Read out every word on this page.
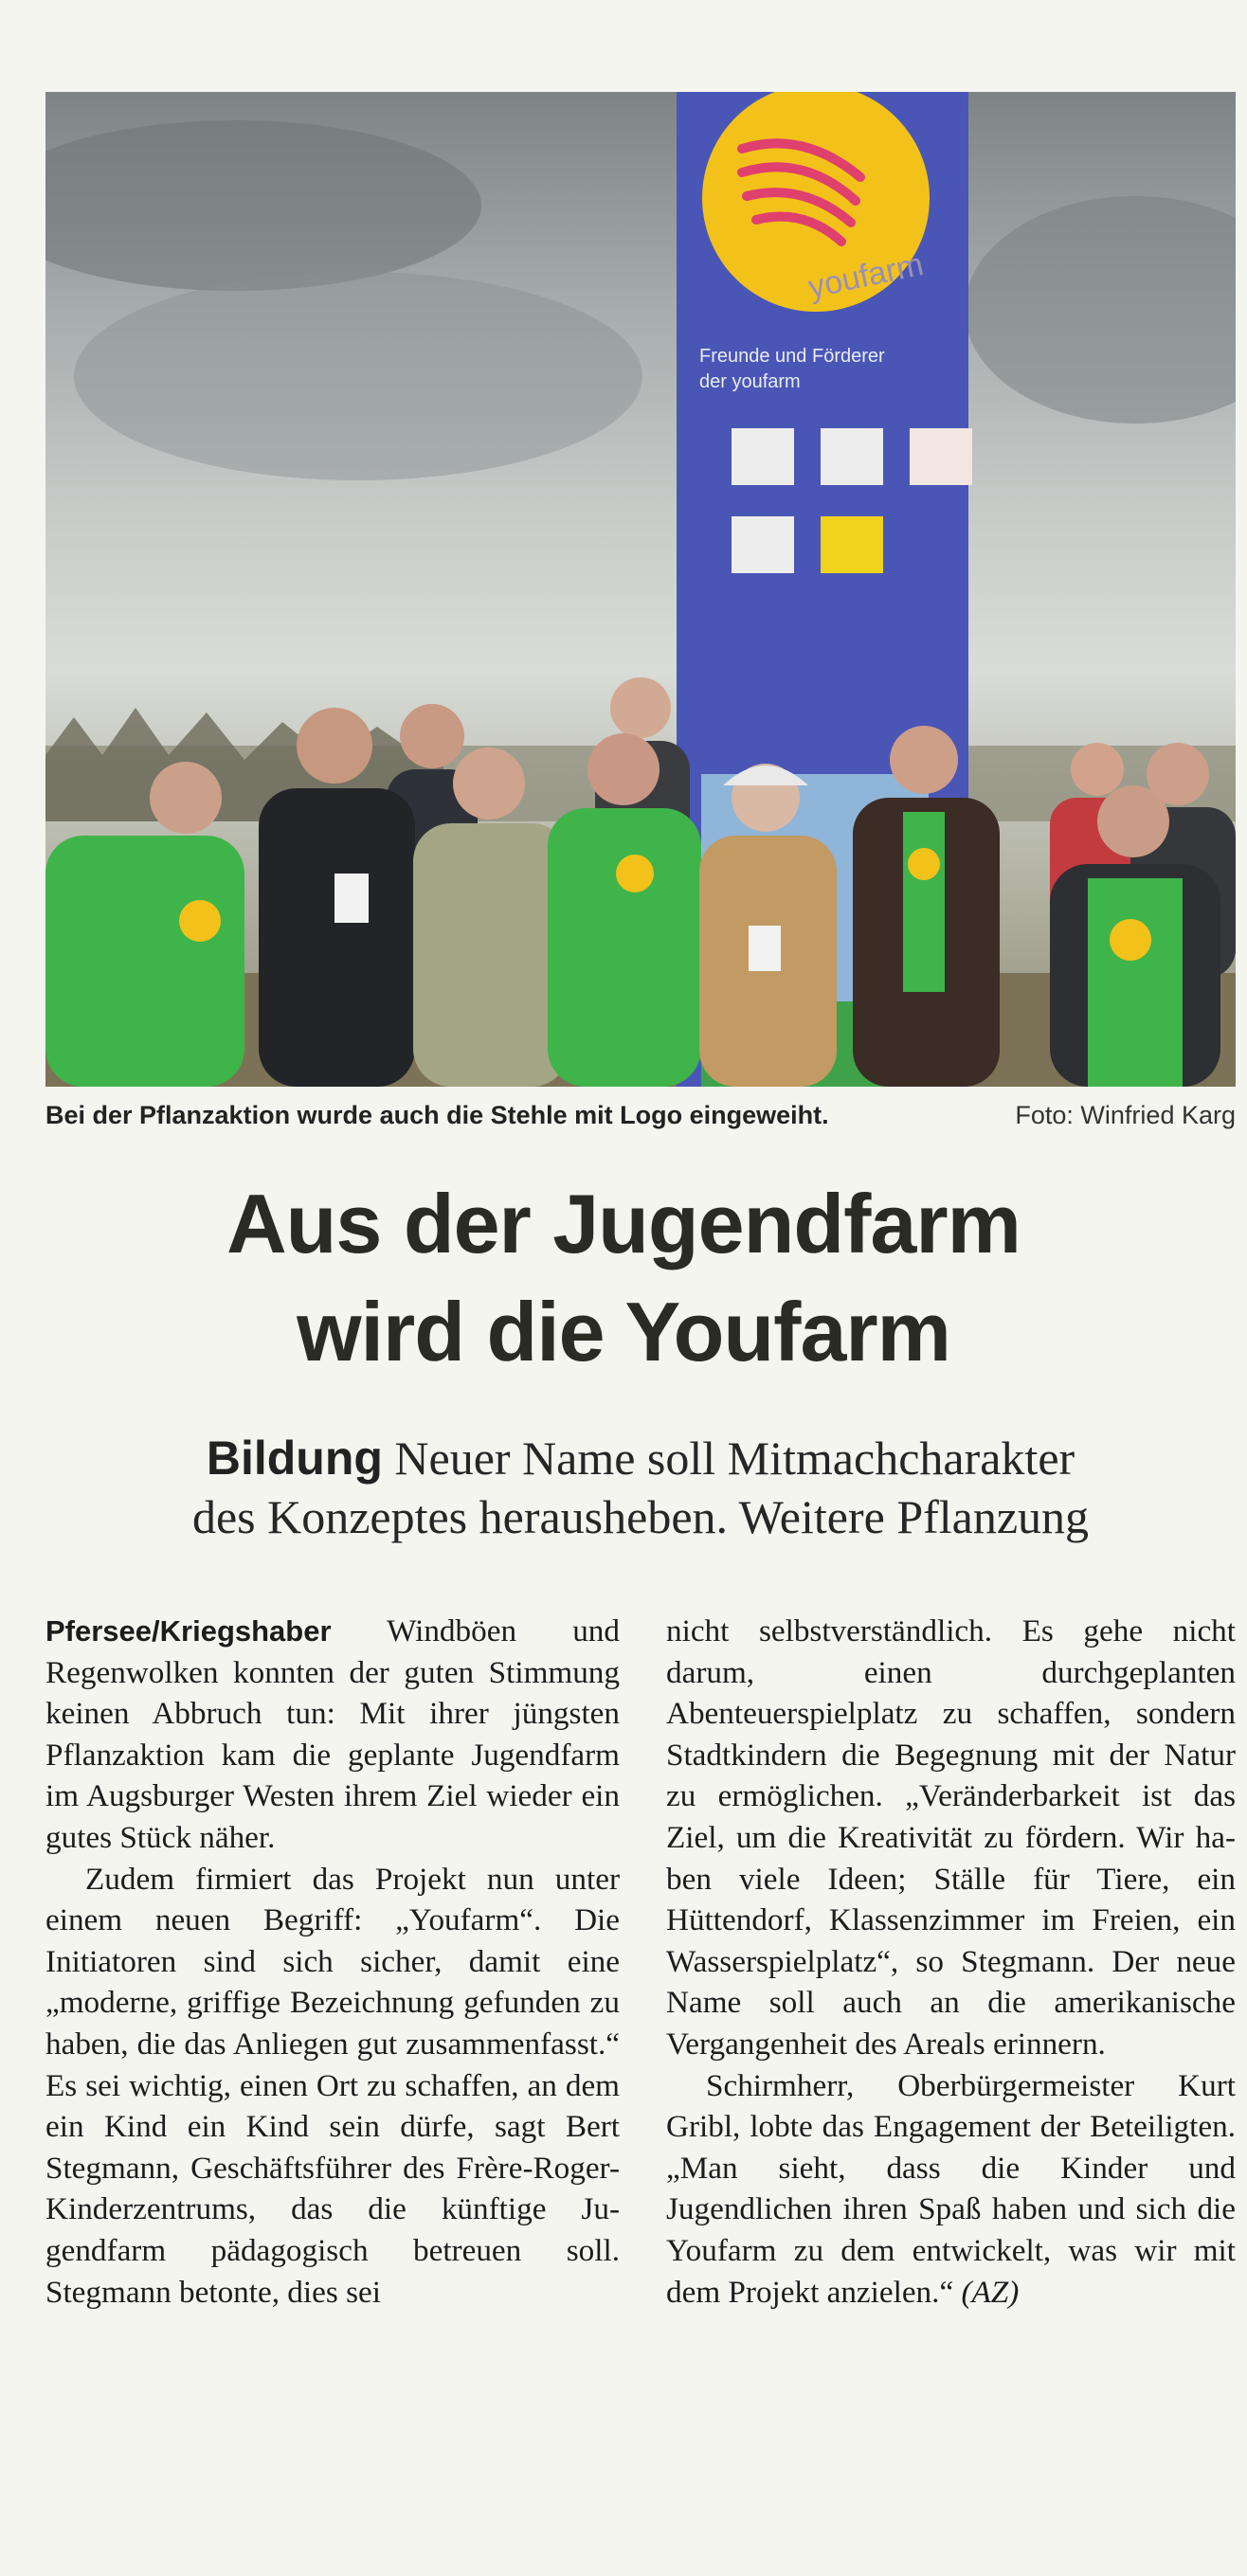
youfarm
Freunde und Förderer
der youfarm
Bei der Pflanzaktion wurde auch die Stehle mit Logo eingeweiht.	Foto: Winfried Karg
Aus der Jugendfarm
wird die Youfarm
Bildung Neuer Name soll Mitmachcharakter
des Konzeptes herausheben. Weitere Pflanzung

Pfersee/Kriegshaber Windböen und Regenwolken konnten der guten Stimmung keinen Abbruch tun: Mit ihrer jüngsten Pflanzaktion kam die geplante Jugendfarm im Augsburger Westen ihrem Ziel wieder ein gutes Stück näher.

Zudem firmiert das Projekt nun unter einem neuen Begriff: „Youfarm“. Die Initiatoren sind sich sicher, damit eine „moderne, griffige Bezeichnung gefunden zu haben, die das Anliegen gut zusammenfasst.“ Es sei wichtig, einen Ort zu schaffen, an dem ein Kind ein Kind sein dürfe, sagt Bert Stegmann, Geschäftsführer des Frère-Roger-Kinderzentrums, das die künftige Jugendfarm pädagogisch betreuen soll. Stegmann betonte, dies sei

nicht selbstverständlich. Es gehe nicht darum, einen durchgeplanten Abenteuerspielplatz zu schaffen, sondern Stadtkindern die Begegnung mit der Natur zu ermöglichen. „Veränderbarkeit ist das Ziel, um die Kreativität zu fördern. Wir haben viele Ideen; Ställe für Tiere, ein Hüttendorf, Klassenzimmer im Freien, ein Wasserspielplatz“, so Stegmann. Der neue Name soll auch an die amerikanische Vergangenheit des Areals erinnern.

Schirmherr, Oberbürgermeister Kurt Gribl, lobte das Engagement der Beteiligten. „Man sieht, dass die Kinder und Jugendlichen ihren Spaß haben und sich die Youfarm zu dem entwickelt, was wir mit dem Projekt anzielen.“ (AZ)
